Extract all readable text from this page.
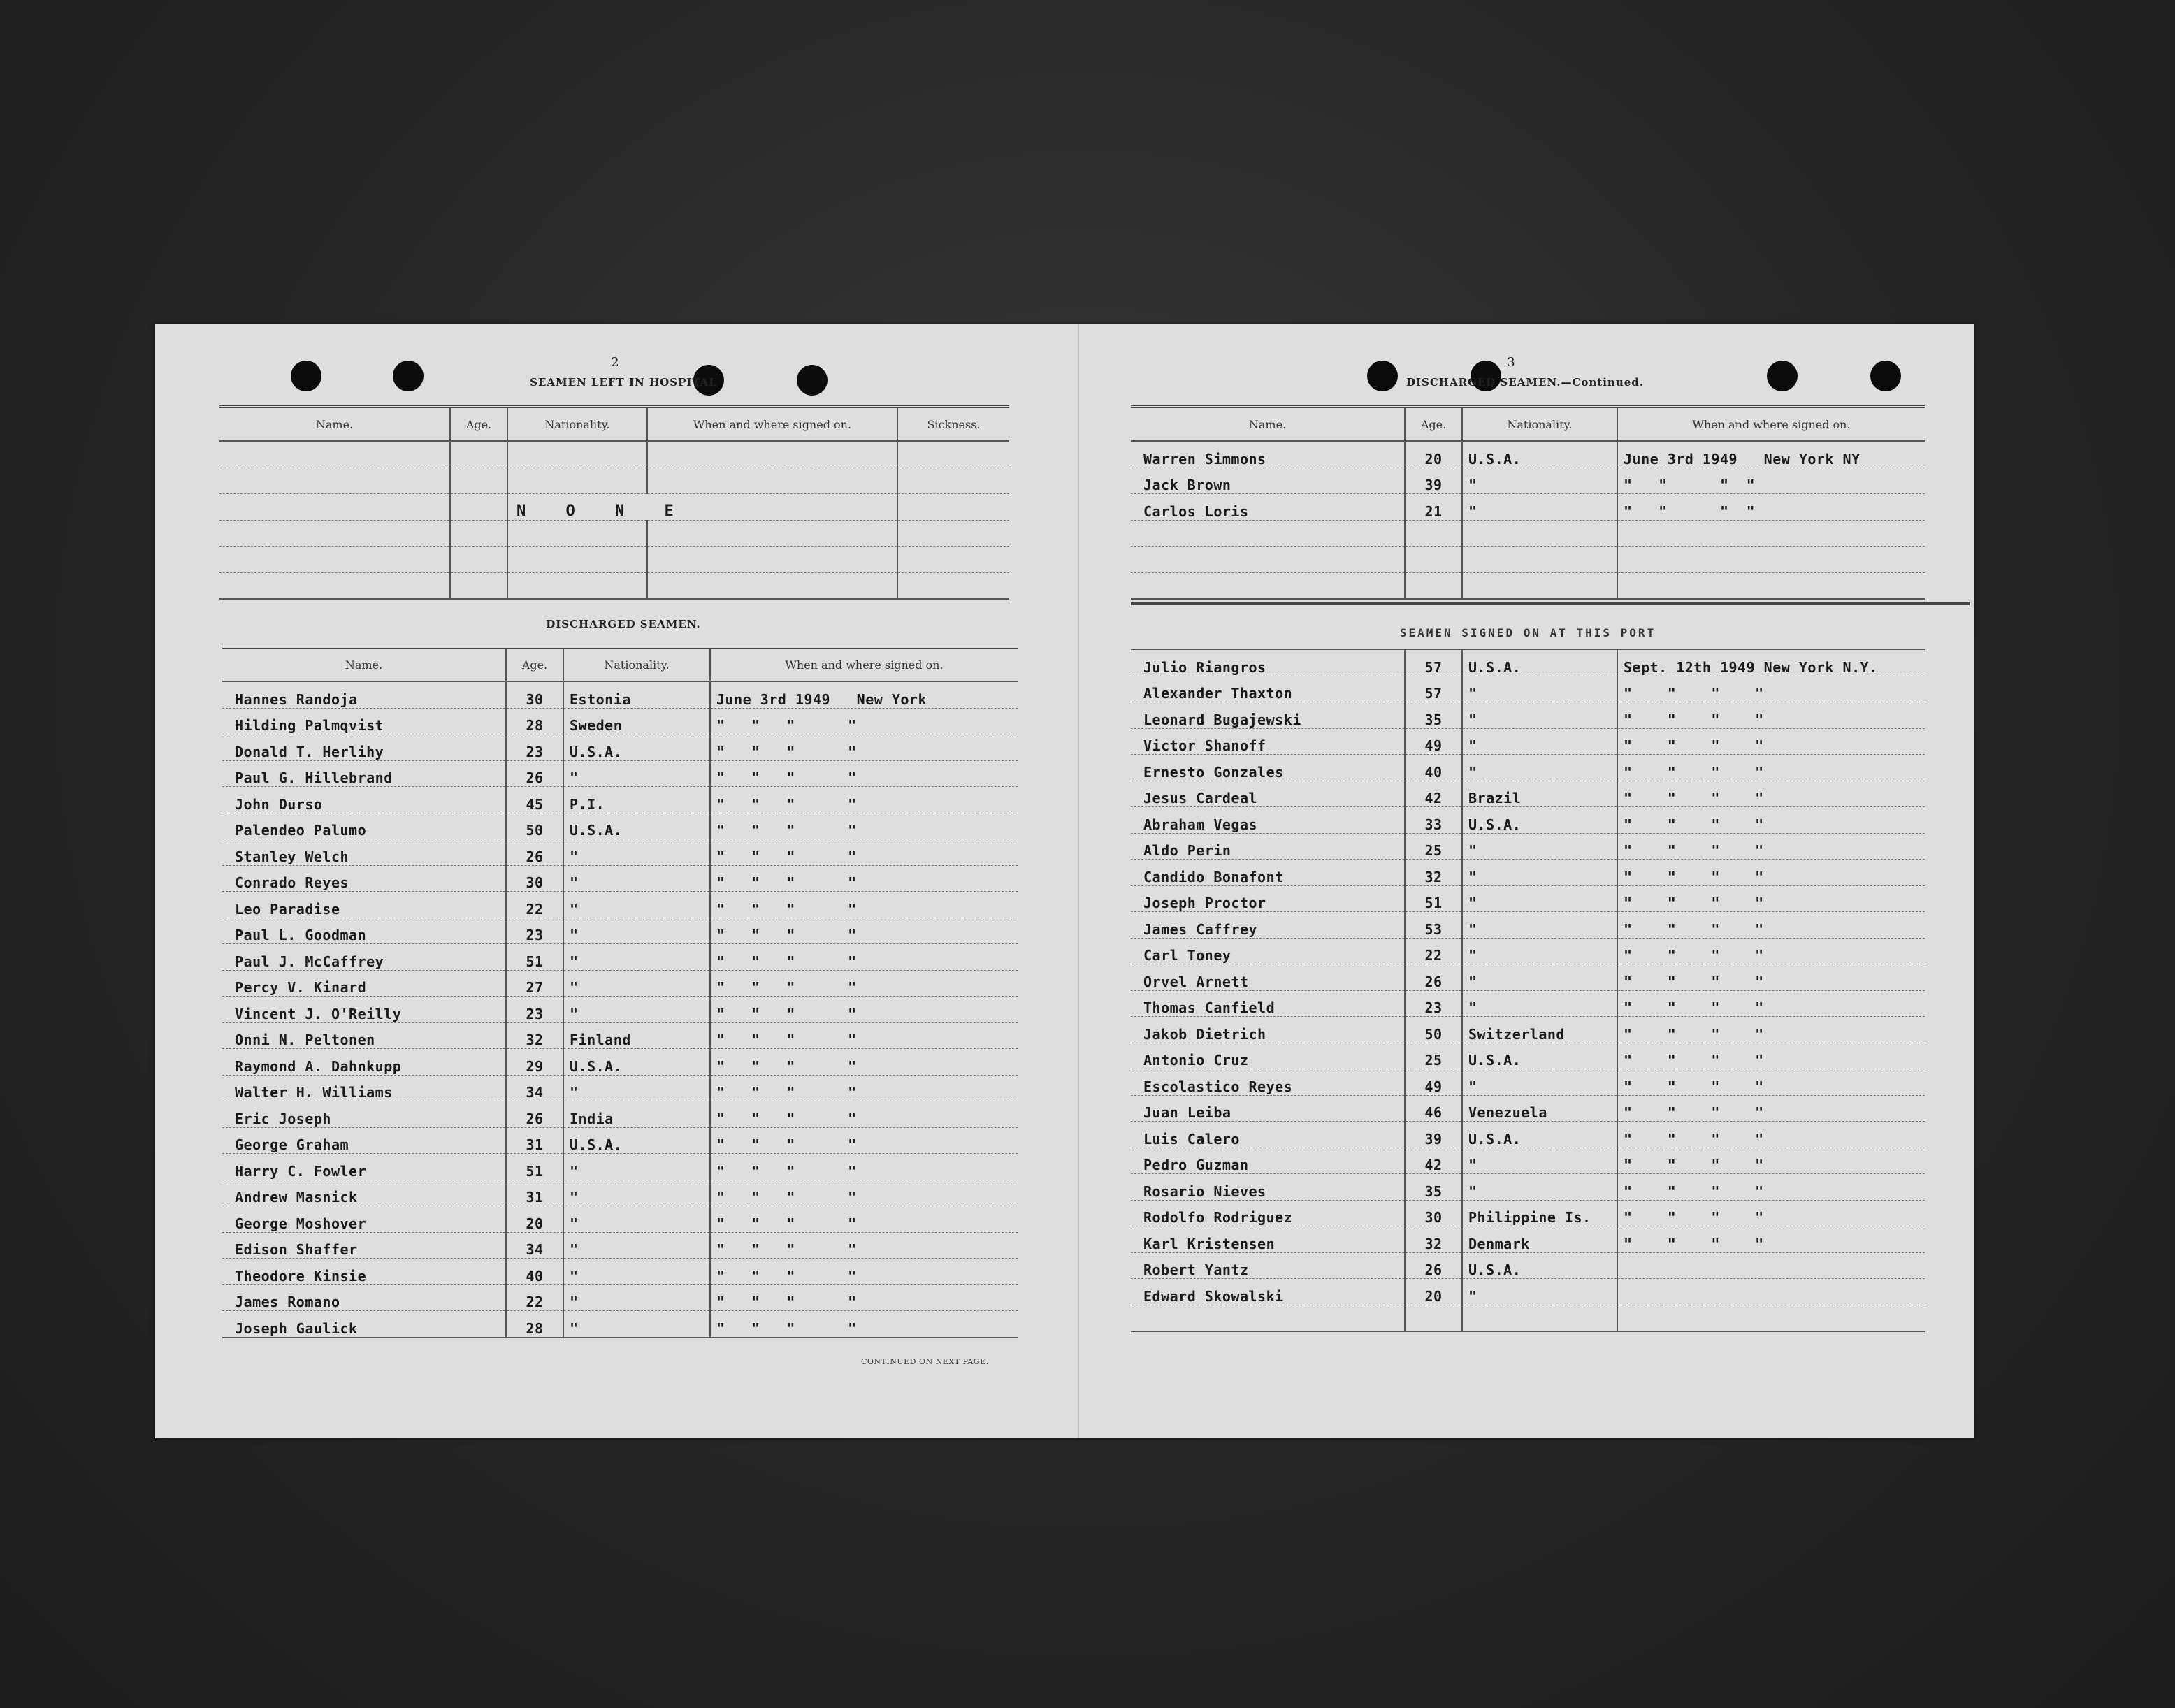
2
SEAMEN LEFT IN HOSPITAL
Name.	Age.	Nationality.	When and where signed on.	Sickness.

		N O N E		

DISCHARGED SEAMEN.
Name.	Age.	Nationality.	When and where signed on.
Hannes Randoja	30	Estonia	June 3rd 1949   New York
Hilding Palmqvist	28	Sweden	"   "   "      "
Donald T. Herlihy	23	U.S.A.	"   "   "      "
Paul G. Hillebrand	26	"	"   "   "      "
John Durso	45	P.I.	"   "   "      "
Palendeo Palumo	50	U.S.A.	"   "   "      "
Stanley Welch	26	"	"   "   "      "
Conrado Reyes	30	"	"   "   "      "
Leo Paradise	22	"	"   "   "      "
Paul L. Goodman	23	"	"   "   "      "
Paul J. McCaffrey	51	"	"   "   "      "
Percy V. Kinard	27	"	"   "   "      "
Vincent J. O'Reilly	23	"	"   "   "      "
Onni N. Peltonen	32	Finland	"   "   "      "
Raymond A. Dahnkupp	29	U.S.A.	"   "   "      "
Walter H. Williams	34	"	"   "   "      "
Eric Joseph	26	India	"   "   "      "
George Graham	31	U.S.A.	"   "   "      "
Harry C. Fowler	51	"	"   "   "      "
Andrew Masnick	31	"	"   "   "      "
George Moshover	20	"	"   "   "      "
Edison Shaffer	34	"	"   "   "      "
Theodore Kinsie	40	"	"   "   "      "
James Romano	22	"	"   "   "      "
Joseph Gaulick	28	"	"   "   "      "
CONTINUED ON NEXT PAGE.
3
DISCHARGED SEAMEN.—Continued.
Name.	Age.	Nationality.	When and where signed on.
Warren Simmons	20	U.S.A.	June 3rd 1949   New York NY
Jack Brown	39	"	"   "      "  "
Carlos Loris	21	"	"   "      "  "

SEAMEN SIGNED ON AT THIS PORT			
Julio Riangros	57	U.S.A.	Sept. 12th 1949 New York N.Y.
Alexander Thaxton	57	"	"    "    "    "
Leonard Bugajewski	35	"	"    "    "    "
Victor Shanoff	49	"	"    "    "    "
Ernesto Gonzales	40	"	"    "    "    "
Jesus Cardeal	42	Brazil	"    "    "    "
Abraham Vegas	33	U.S.A.	"    "    "    "
Aldo Perin	25	"	"    "    "    "
Candido Bonafont	32	"	"    "    "    "
Joseph Proctor	51	"	"    "    "    "
James Caffrey	53	"	"    "    "    "
Carl Toney	22	"	"    "    "    "
Orvel Arnett	26	"	"    "    "    "
Thomas Canfield	23	"	"    "    "    "
Jakob Dietrich	50	Switzerland	"    "    "    "
Antonio Cruz	25	U.S.A.	"    "    "    "
Escolastico Reyes	49	"	"    "    "    "
Juan Leiba	46	Venezuela	"    "    "    "
Luis Calero	39	U.S.A.	"    "    "    "
Pedro Guzman	42	"	"    "    "    "
Rosario Nieves	35	"	"    "    "    "
Rodolfo Rodriguez	30	Philippine Is.	"    "    "    "
Karl Kristensen	32	Denmark	"    "    "    "
Robert Yantz	26	U.S.A.	
Edward Skowalski	20	"	
